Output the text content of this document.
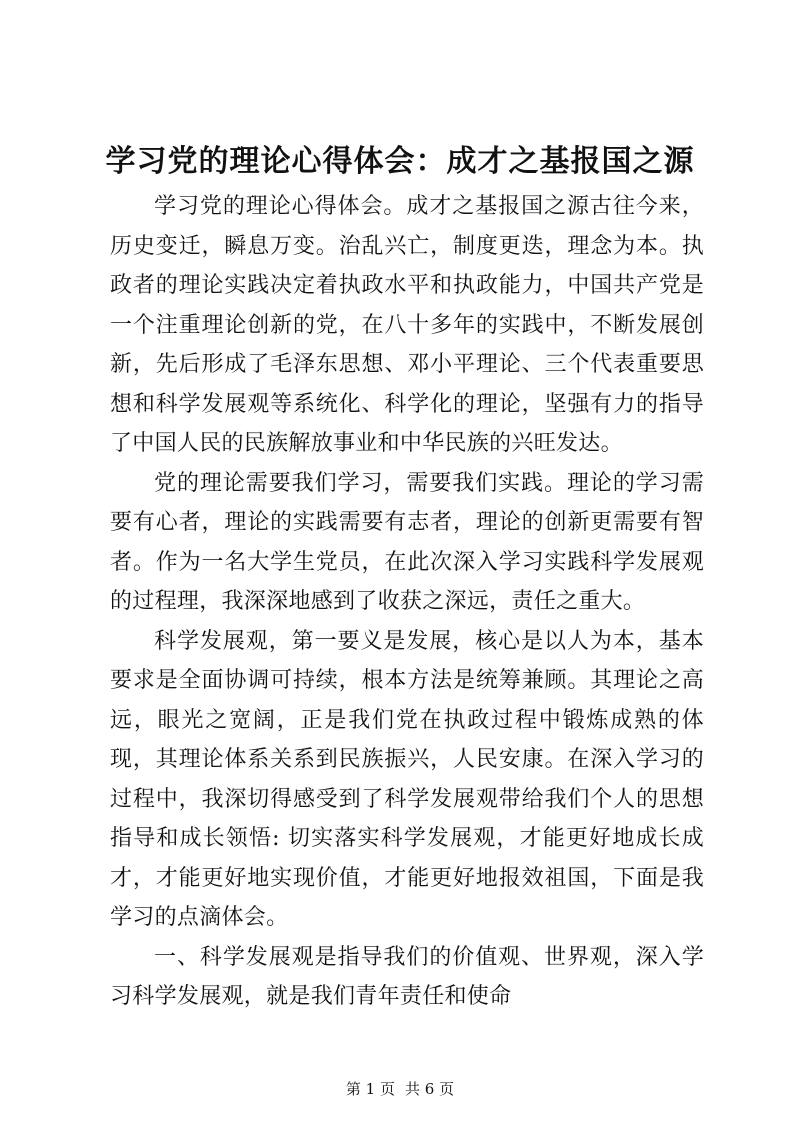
学习党的理论心得体会：成才之基报国之源

学习党的理论心得体会。成才之基报国之源古往今来，历史变迁，瞬息万变。治乱兴亡，制度更迭，理念为本。执政者的理论实践决定着执政水平和执政能力，中国共产党是一个注重理论创新的党，在八十多年的实践中，不断发展创新，先后形成了毛泽东思想、邓小平理论、三个代表重要思想和科学发展观等系统化、科学化的理论，坚强有力的指导了中国人民的民族解放事业和中华民族的兴旺发达。

党的理论需要我们学习，需要我们实践。理论的学习需要有心者，理论的实践需要有志者，理论的创新更需要有智者。作为一名大学生党员，在此次深入学习实践科学发展观的过程理，我深深地感到了收获之深远，责任之重大。

科学发展观，第一要义是发展，核心是以人为本，基本要求是全面协调可持续，根本方法是统筹兼顾。其理论之高远，眼光之宽阔，正是我们党在执政过程中锻炼成熟的体现，其理论体系关系到民族振兴，人民安康。在深入学习的过程中，我深切得感受到了科学发展观带给我们个人的思想指导和成长领悟: 切实落实科学发展观，才能更好地成长成才，才能更好地实现价值，才能更好地报效祖国，下面是我学习的点滴体会。

一、科学发展观是指导我们的价值观、世界观，深入学习科学发展观，就是我们青年责任和使命

第 1 页 共 6 页
